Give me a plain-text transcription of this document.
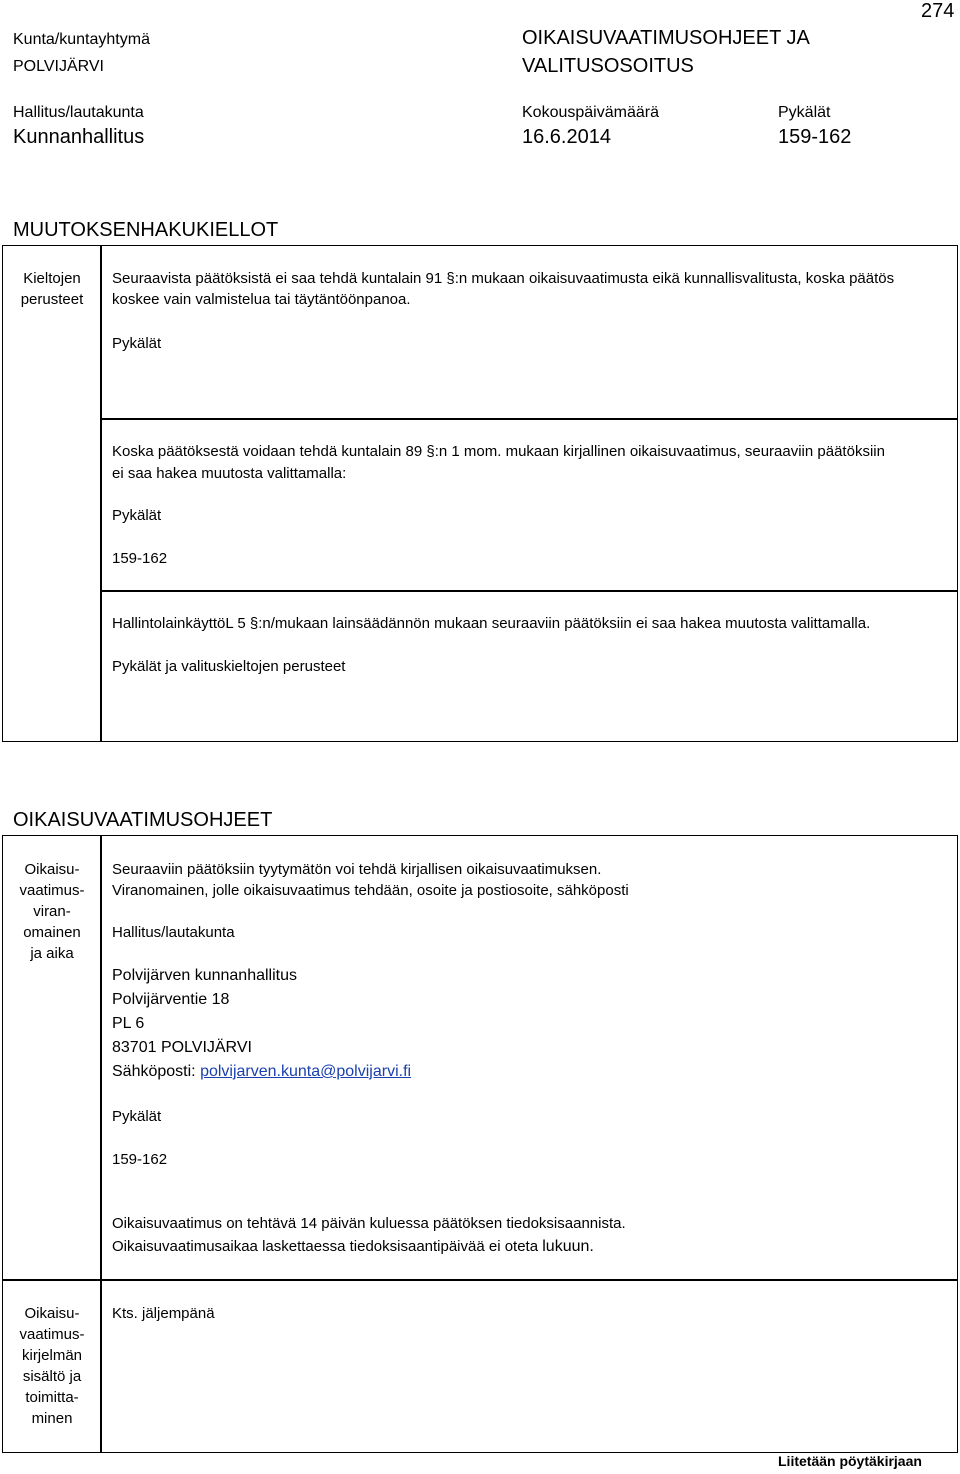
274
Kunta/kuntayhtymä
POLVIJÄRVI
OIKAISUVAATIMUSOHJEET JA
VALITUSOSOITUS
Hallitus/lautakunta
Kunnanhallitus
Kokouspäivämäärä
16.6.2014
Pykälät
159-162
MUUTOKSENHAKUKIELLOT
Kieltojen
perusteet
Seuraavista päätöksistä ei saa tehdä kuntalain 91 §:n mukaan oikaisuvaatimusta eikä kunnallisvalitusta, koska päätös
koskee vain valmistelua tai täytäntöönpanoa.
Pykälät
Koska päätöksestä voidaan tehdä kuntalain 89 §:n 1 mom. mukaan kirjallinen oikaisuvaatimus, seuraaviin päätöksiin
ei saa hakea muutosta valittamalla:
Pykälät
159-162
HallintolainkäyttöL 5 §:n/mukaan lainsäädännön mukaan seuraaviin päätöksiin ei saa hakea muutosta valittamalla.
Pykälät ja valituskieltojen perusteet
OIKAISUVAATIMUSOHJEET
Oikaisu-
vaatimus-
viran-
omainen
ja aika
Seuraaviin päätöksiin tyytymätön voi tehdä kirjallisen oikaisuvaatimuksen.
Viranomainen, jolle oikaisuvaatimus tehdään, osoite ja postiosoite, sähköposti
Hallitus/lautakunta
Polvijärven kunnanhallitus
Polvijärventie 18
PL 6
83701 POLVIJÄRVI
Sähköposti: polvijarven.kunta@polvijarvi.fi
Pykälät
159-162
Oikaisuvaatimus on tehtävä 14 päivän kuluessa päätöksen tiedoksisaannista.
Oikaisuvaatimusaikaa laskettaessa tiedoksisaantipäivää ei oteta lukuun.
Oikaisu-
vaatimus-
kirjelmän
sisältö ja
toimitta-
minen
Kts. jäljempänä
Liitetään pöytäkirjaan
